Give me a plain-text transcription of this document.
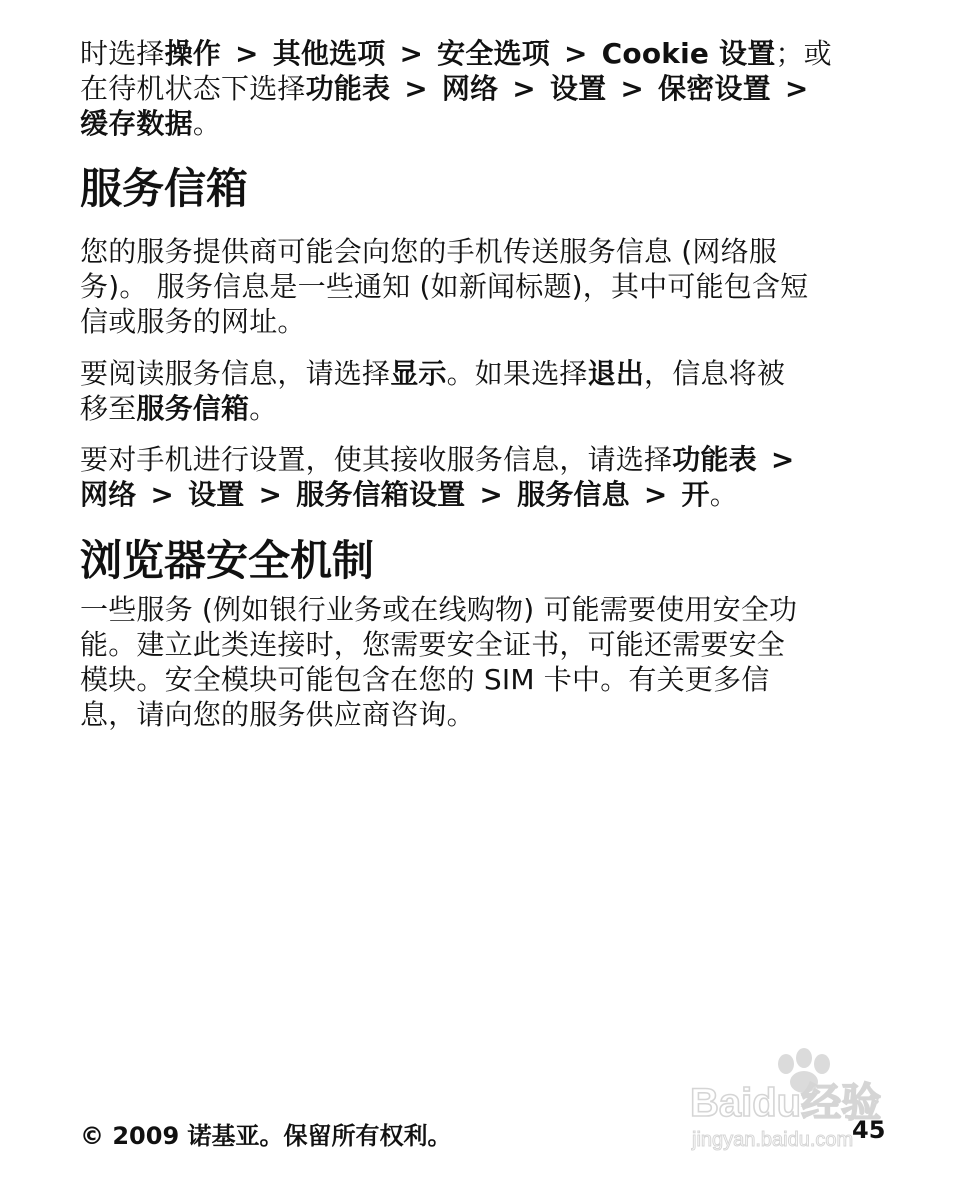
时选择操作 > 其他选项 > 安全选项 > Cookie 设置；或
在待机状态下选择功能表 > 网络 > 设置 > 保密设置 >
缓存数据。
服务信箱
您的服务提供商可能会向您的手机传送服务信息 (网络服
务)。 服务信息是一些通知 (如新闻标题)，其中可能包含短
信或服务的网址。
要阅读服务信息，请选择显示。如果选择退出，信息将被
移至服务信箱。
要对手机进行设置，使其接收服务信息，请选择功能表 >
网络 > 设置 > 服务信箱设置 > 服务信息 > 开。
浏览器安全机制
一些服务 (例如银行业务或在线购物) 可能需要使用安全功
能。建立此类连接时，您需要安全证书，可能还需要安全
模块。安全模块可能包含在您的 SIM 卡中。有关更多信
息，请向您的服务供应商咨询。
Baidu经验
jingyan.baidu.com
© 2009 诺基亚。保留所有权利。	45
